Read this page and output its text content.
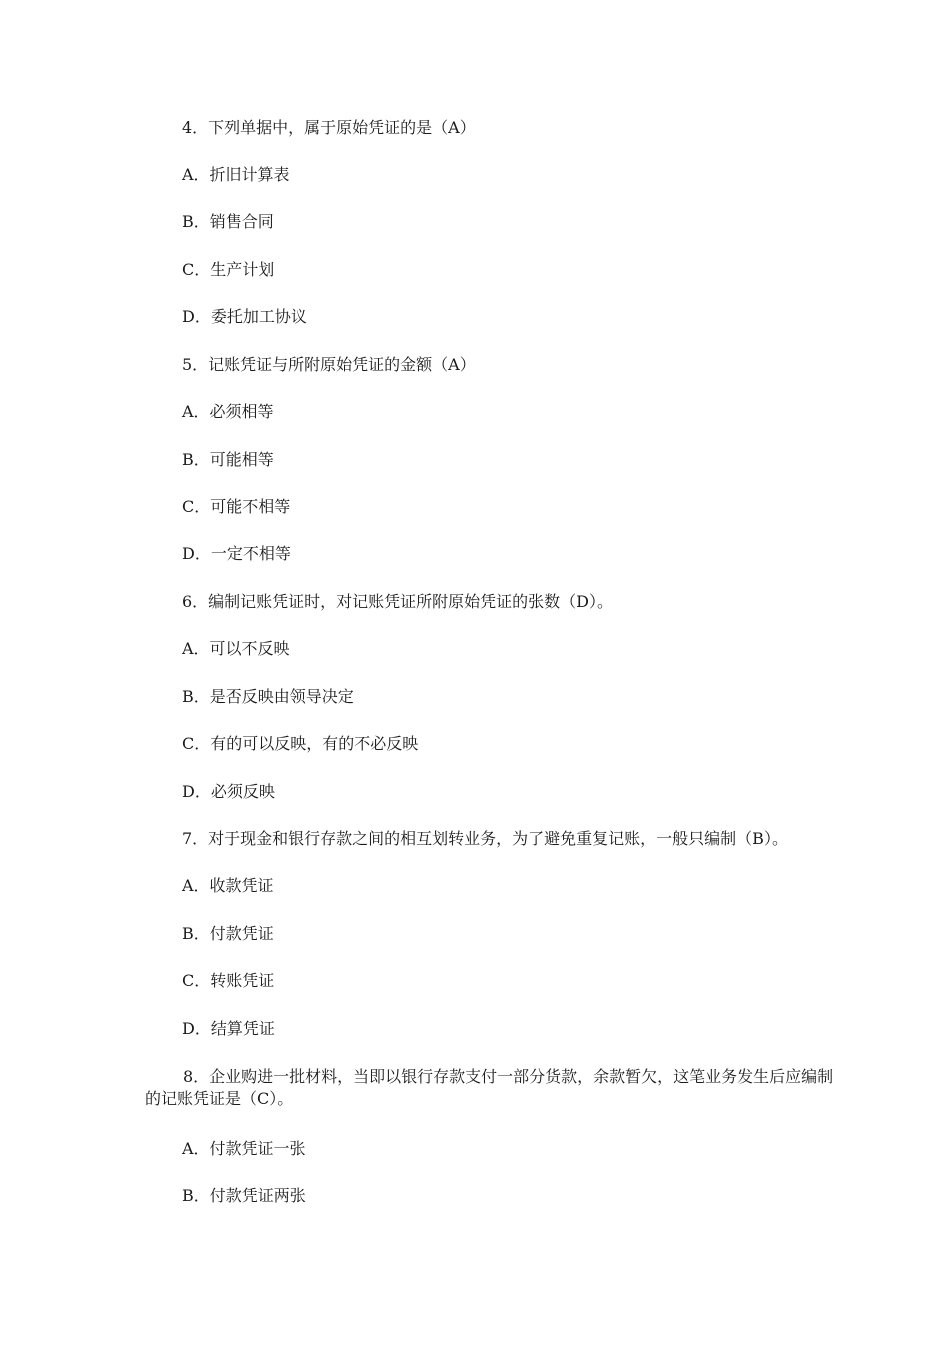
4．下列单据中，属于原始凭证的是（A）
A．折旧计算表
B．销售合同
C．生产计划
D．委托加工协议
5．记账凭证与所附原始凭证的金额（A）
A．必须相等
B．可能相等
C．可能不相等
D．一定不相等
6．编制记账凭证时，对记账凭证所附原始凭证的张数（D）。
A．可以不反映
B．是否反映由领导决定
C．有的可以反映，有的不必反映
D．必须反映
7．对于现金和银行存款之间的相互划转业务，为了避免重复记账，一般只编制（B）。
A．收款凭证
B．付款凭证
C．转账凭证
D．结算凭证
8．企业购进一批材料，当即以银行存款支付一部分货款，余款暂欠，这笔业务发生后应编制的记账凭证是（C）。
A．付款凭证一张
B．付款凭证两张
